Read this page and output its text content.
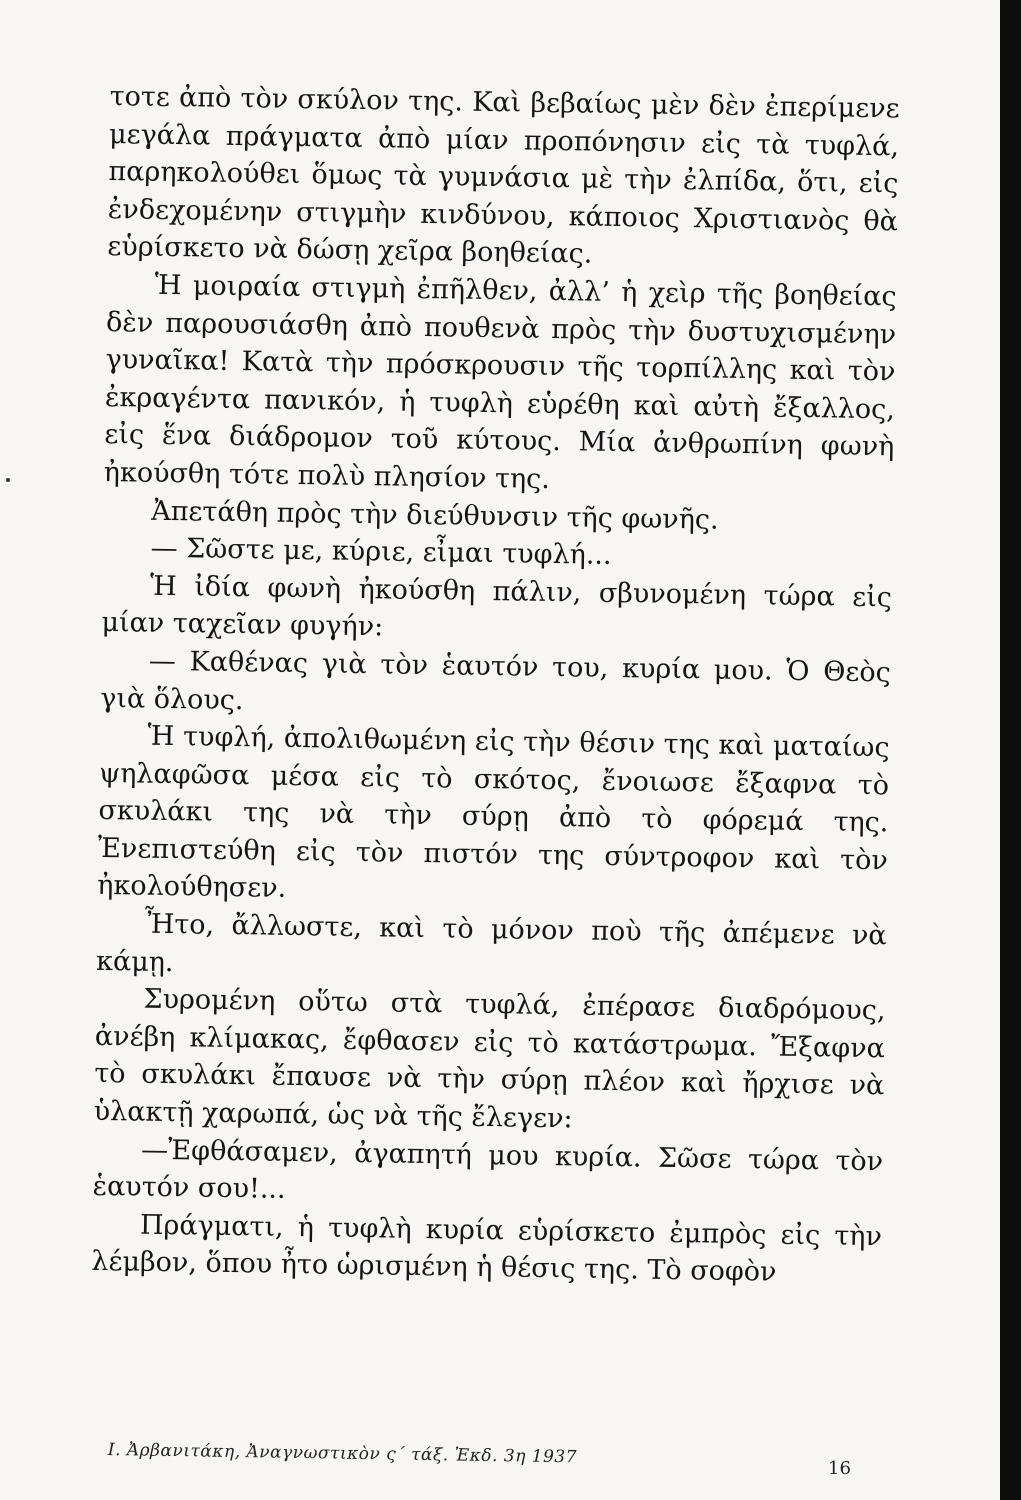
τοτε ἀπὸ τὸν σκύλον της. Καὶ βεβαίως μὲν δὲν ἐπερίμενε μεγάλα πράγματα ἀπὸ μίαν προπόνησιν εἰς τὰ τυφλά, παρηκολούθει ὅμως τὰ γυμνάσια μὲ τὴν ἐλπίδα, ὅτι, εἰς ἐνδεχομένην στιγμὴν κινδύνου, κάποιος Χριστιανὸς θὰ εὑρίσκετο νὰ δώσῃ χεῖρα βοηθείας.

Ἡ μοιραία στιγμὴ ἐπῆλθεν, ἀλλ’ ἡ χεὶρ τῆς βοηθείας δὲν παρουσιάσθη ἀπὸ πουθενὰ πρὸς τὴν δυστυχισμένην γυναῖκα! Κατὰ τὴν πρόσκρουσιν τῆς τορπίλλης καὶ τὸν ἐκραγέντα πανικόν, ἡ τυφλὴ εὑρέθη καὶ αὐτὴ ἔξαλλος, εἰς ἕνα διάδρομον τοῦ κύτους. Μία ἀνθρωπίνη φωνὴ ἠκούσθη τότε πολὺ πλησίον της.

Ἀπετάθη πρὸς τὴν διεύθυνσιν τῆς φωνῆς.

— Σῶστε με, κύριε, εἶμαι τυφλή...

Ἡ ἰδία φωνὴ ἠκούσθη πάλιν, σβυνομένη τώρα εἰς μίαν ταχεῖαν φυγήν:

— Καθένας γιὰ τὸν ἑαυτόν του, κυρία μου. Ὁ Θεὸς γιὰ ὅλους.

Ἡ τυφλή, ἀπολιθωμένη εἰς τὴν θέσιν της καὶ ματαίως ψηλαφῶσα μέσα εἰς τὸ σκότος, ἔνοιωσε ἔξαφνα τὸ σκυλάκι της νὰ τὴν σύρῃ ἀπὸ τὸ φόρεμά της. Ἐνεπιστεύθη εἰς τὸν πιστόν της σύντροφον καὶ τὸν ἠκολούθησεν.

Ἦτο, ἄλλωστε, καὶ τὸ μόνον ποὺ τῆς ἀπέμενε νὰ κάμῃ.

Συρομένη οὕτω στὰ τυφλά, ἐπέρασε διαδρόμους, ἀνέβη κλίμακας, ἔφθασεν εἰς τὸ κατάστρωμα. Ἔξαφνα τὸ σκυλάκι ἔπαυσε νὰ τὴν σύρῃ πλέον καὶ ἤρχισε νὰ ὑλακτῇ χαρωπά, ὡς νὰ τῆς ἔλεγεν:

—Ἐφθάσαμεν, ἀγαπητή μου κυρία. Σῶσε τώρα τὸν ἑαυτόν σου!...

Πράγματι, ἡ τυφλὴ κυρία εὑρίσκετο ἐμπρὸς εἰς τὴν λέμβον, ὅπου ἦτο ὡρισμένη ἡ θέσις της. Τὸ σοφὸν

Ι. Ἀρβανιτάκη, Ἀναγνωστικὸν ς΄ τάξ. Ἐκδ. 3η 1937
16
